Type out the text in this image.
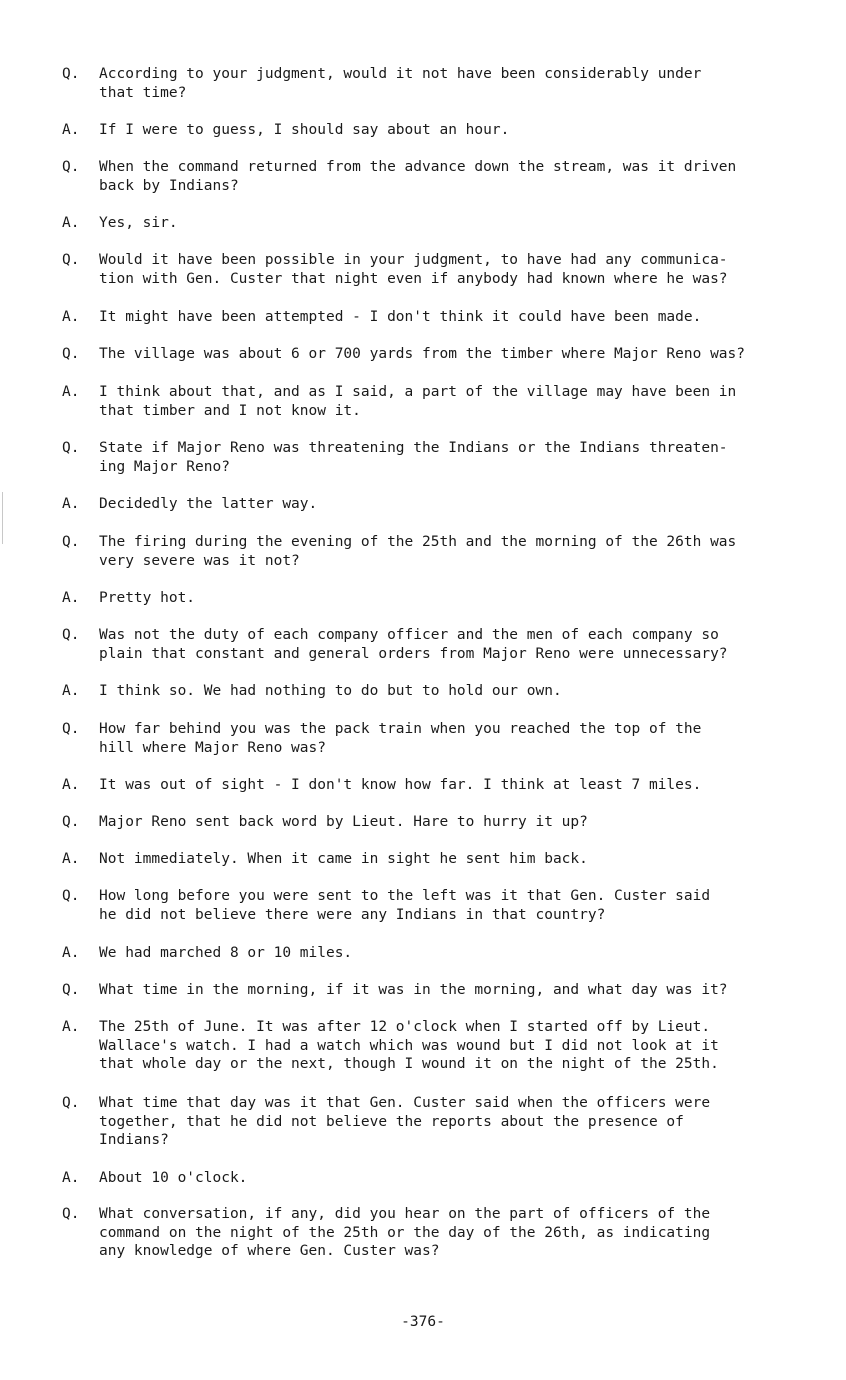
Q.	According to your judgment, would it not have been considerably under
that time?
A.	If I were to guess, I should say about an hour.
Q.	When the command returned from the advance down the stream, was it driven
back by Indians?
A.	Yes, sir.
Q.	Would it have been possible in your judgment, to have had any communica-
tion with Gen. Custer that night even if anybody had known where he was?
A.	It might have been attempted - I don't think it could have been made.
Q.	The village was about 6 or 700 yards from the timber where Major Reno was?
A.	I think about that, and as I said, a part of the village may have been in
that timber and I not know it.
Q.	State if Major Reno was threatening the Indians or the Indians threaten-
ing Major Reno?
A.	Decidedly the latter way.
Q.	The firing during the evening of the 25th and the morning of the 26th was
very severe was it not?
A.	Pretty hot.
Q.	Was not the duty of each company officer and the men of each company so
plain that constant and general orders from Major Reno were unnecessary?
A.	I think so. We had nothing to do but to hold our own.
Q.	How far behind you was the pack train when you reached the top of the
hill where Major Reno was?
A.	It was out of sight - I don't know how far. I think at least 7 miles.
Q.	Major Reno sent back word by Lieut. Hare to hurry it up?
A.	Not immediately. When it came in sight he sent him back.
Q.	How long before you were sent to the left was it that Gen. Custer said
he did not believe there were any Indians in that country?
A.	We had marched 8 or 10 miles.
Q.	What time in the morning, if it was in the morning, and what day was it?
A.	The 25th of June. It was after 12 o'clock when I started off by Lieut.
Wallace's watch. I had a watch which was wound but I did not look at it
that whole day or the next, though I wound it on the night of the 25th.
Q.	What time that day was it that Gen. Custer said when the officers were
together, that he did not believe the reports about the presence of
Indians?
A.	About 10 o'clock.
Q.	What conversation, if any, did you hear on the part of officers of the
command on the night of the 25th or the day of the 26th, as indicating
any knowledge of where Gen. Custer was?
-376-
